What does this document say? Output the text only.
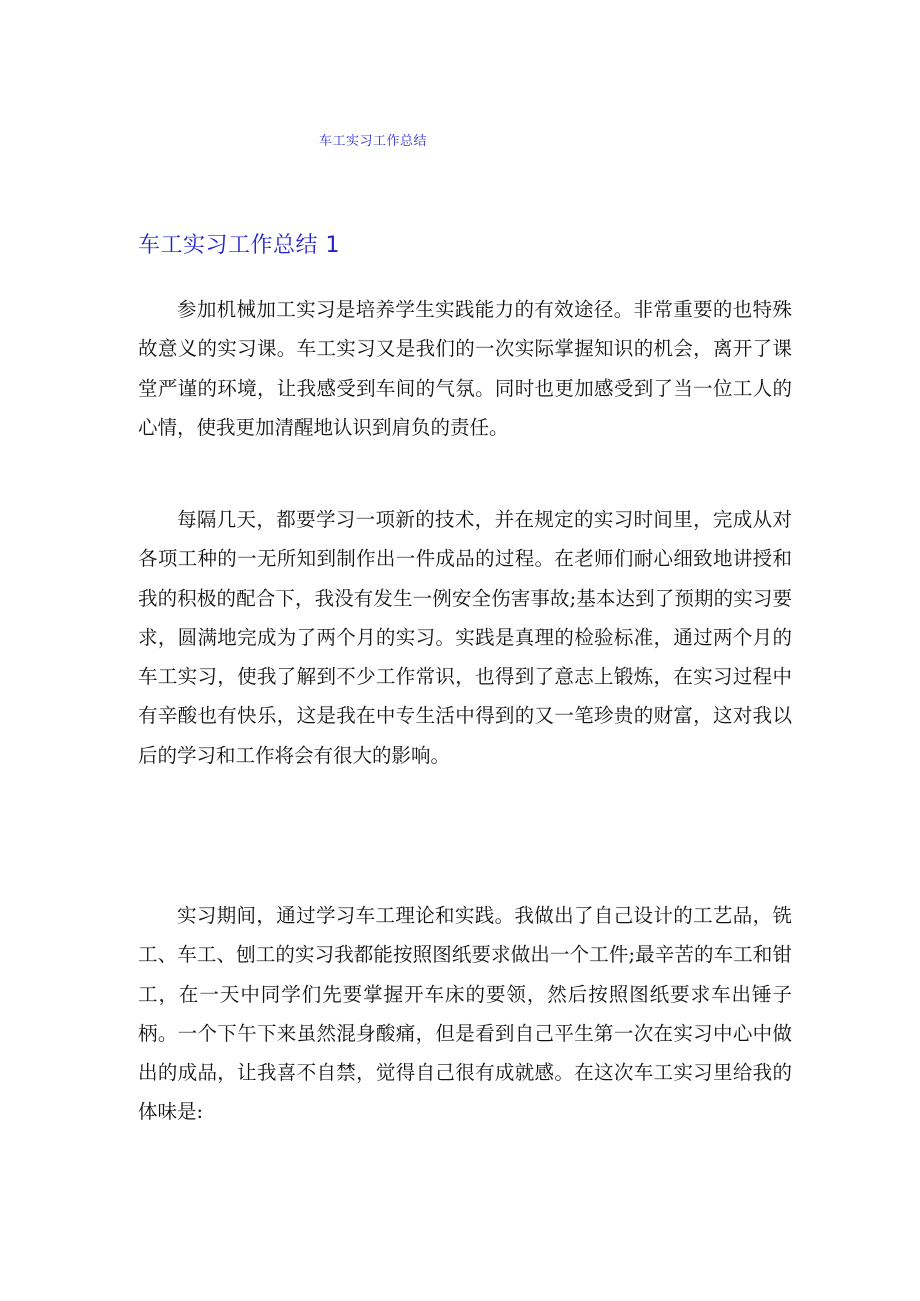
车工实习工作总结
车工实习工作总结 1

参加机械加工实习是培养学生实践能力的有效途径。非常重要的也特殊故意义的实习课。车工实习又是我们的一次实际掌握知识的机会，离开了课堂严谨的环境，让我感受到车间的气氛。同时也更加感受到了当一位工人的心情，使我更加清醒地认识到肩负的责任。

每隔几天，都要学习一项新的技术，并在规定的实习时间里，完成从对各项工种的一无所知到制作出一件成品的过程。在老师们耐心细致地讲授和我的积极的配合下，我没有发生一例安全伤害事故;基本达到了预期的实习要求，圆满地完成为了两个月的实习。实践是真理的检验标准，通过两个月的车工实习，使我了解到不少工作常识，也得到了意志上锻炼，在实习过程中有辛酸也有快乐，这是我在中专生活中得到的又一笔珍贵的财富，这对我以后的学习和工作将会有很大的影响。

实习期间，通过学习车工理论和实践。我做出了自己设计的工艺品，铣工、车工、刨工的实习我都能按照图纸要求做出一个工件;最辛苦的车工和钳工，在一天中同学们先要掌握开车床的要领，然后按照图纸要求车出锤子柄。一个下午下来虽然混身酸痛，但是看到自己平生第一次在实习中心中做出的成品，让我喜不自禁，觉得自己很有成就感。在这次车工实习里给我的体味是:
